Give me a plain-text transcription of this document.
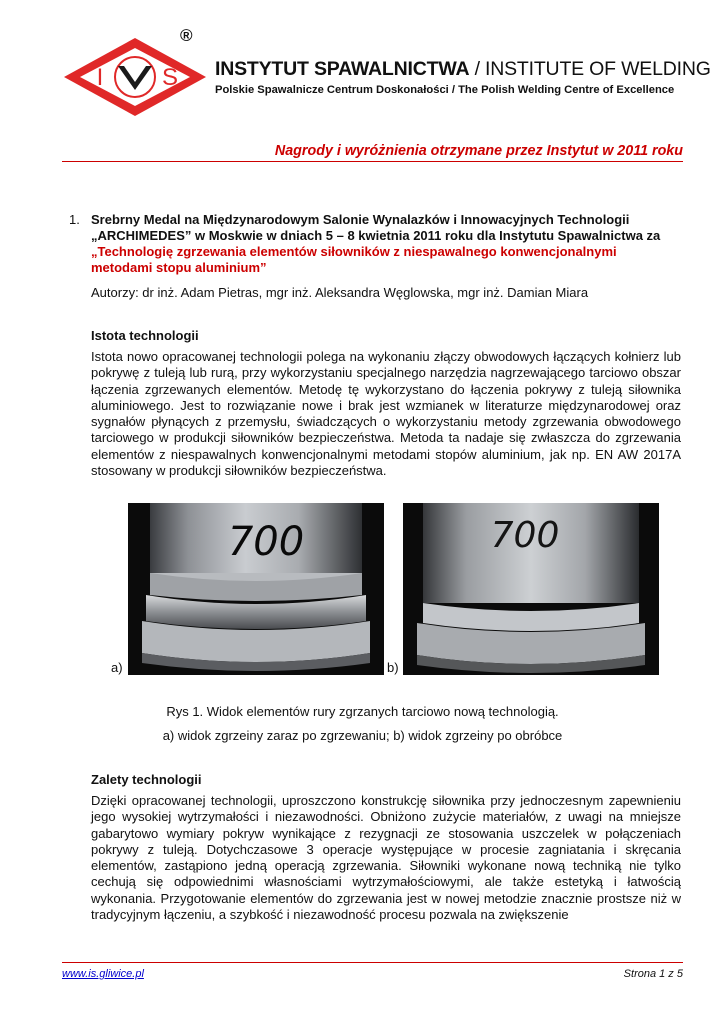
I S
®
INSTYTUT SPAWALNICTWA / INSTITUTE OF WELDING
Polskie Spawalnicze Centrum Doskonałości / The Polish Welding Centre of Excellence
Nagrody i wyróżnienia otrzymane przez Instytut w 2011 roku
1. Srebrny Medal na Międzynarodowym Salonie Wynalazków i Innowacyjnych Technologii
„ARCHIMEDES” w Moskwie w dniach 5 – 8 kwietnia 2011 roku dla Instytutu Spawalnictwa za
„Technologię zgrzewania elementów siłowników z niespawalnego konwencjonalnymi
metodami stopu aluminium”
Autorzy: dr inż. Adam Pietras, mgr inż. Aleksandra Węglowska, mgr inż. Damian Miara
Istota technologii

Istota nowo opracowanej technologii polega na wykonaniu złączy obwodowych łączących kołnierz lub pokrywę z tuleją lub rurą, przy wykorzystaniu specjalnego narzędzia nagrzewającego tarciowo obszar łączenia zgrzewanych elementów. Metodę tę wykorzystano do łączenia pokrywy z tuleją siłownika aluminiowego. Jest to rozwiązanie nowe i brak jest wzmianek w literaturze międzynarodowej oraz sygnałów płynących z przemysłu, świadczących o wykorzystaniu metody zgrzewania obwodowego tarciowego w produkcji siłowników bezpieczeństwa. Metoda ta nadaje się zwłaszcza do zgrzewania elementów z niespawalnych konwencjonalnymi metodami stopów aluminium, jak np. EN AW 2017A stosowany w produkcji siłowników bezpieczeństwa.

700	700
a)	b)
Rys 1. Widok elementów rury zgrzanych tarciowo nową technologią.
a) widok zgrzeiny zaraz po zgrzewaniu; b) widok zgrzeiny po obróbce
Zalety technologii

Dzięki opracowanej technologii, uproszczono konstrukcję siłownika przy jednoczesnym zapewnieniu jego wysokiej wytrzymałości i niezawodności. Obniżono zużycie materiałów, z uwagi na mniejsze gabarytowo wymiary pokryw wynikające z rezygnacji ze stosowania uszczelek w połączeniach pokrywy z tuleją. Dotychczasowe 3 operacje występujące w procesie zagniatania i skręcania elementów, zastąpiono jedną operacją zgrzewania. Siłowniki wykonane nową techniką nie tylko cechują się odpowiednimi własnościami wytrzymałościowymi, ale także estetyką i łatwością wykonania. Przygotowanie elementów do zgrzewania jest w nowej metodzie znacznie prostsze niż w tradycyjnym łączeniu, a szybkość i niezawodność procesu pozwala na zwiększenie

www.is.gliwice.pl	Strona 1 z 5
